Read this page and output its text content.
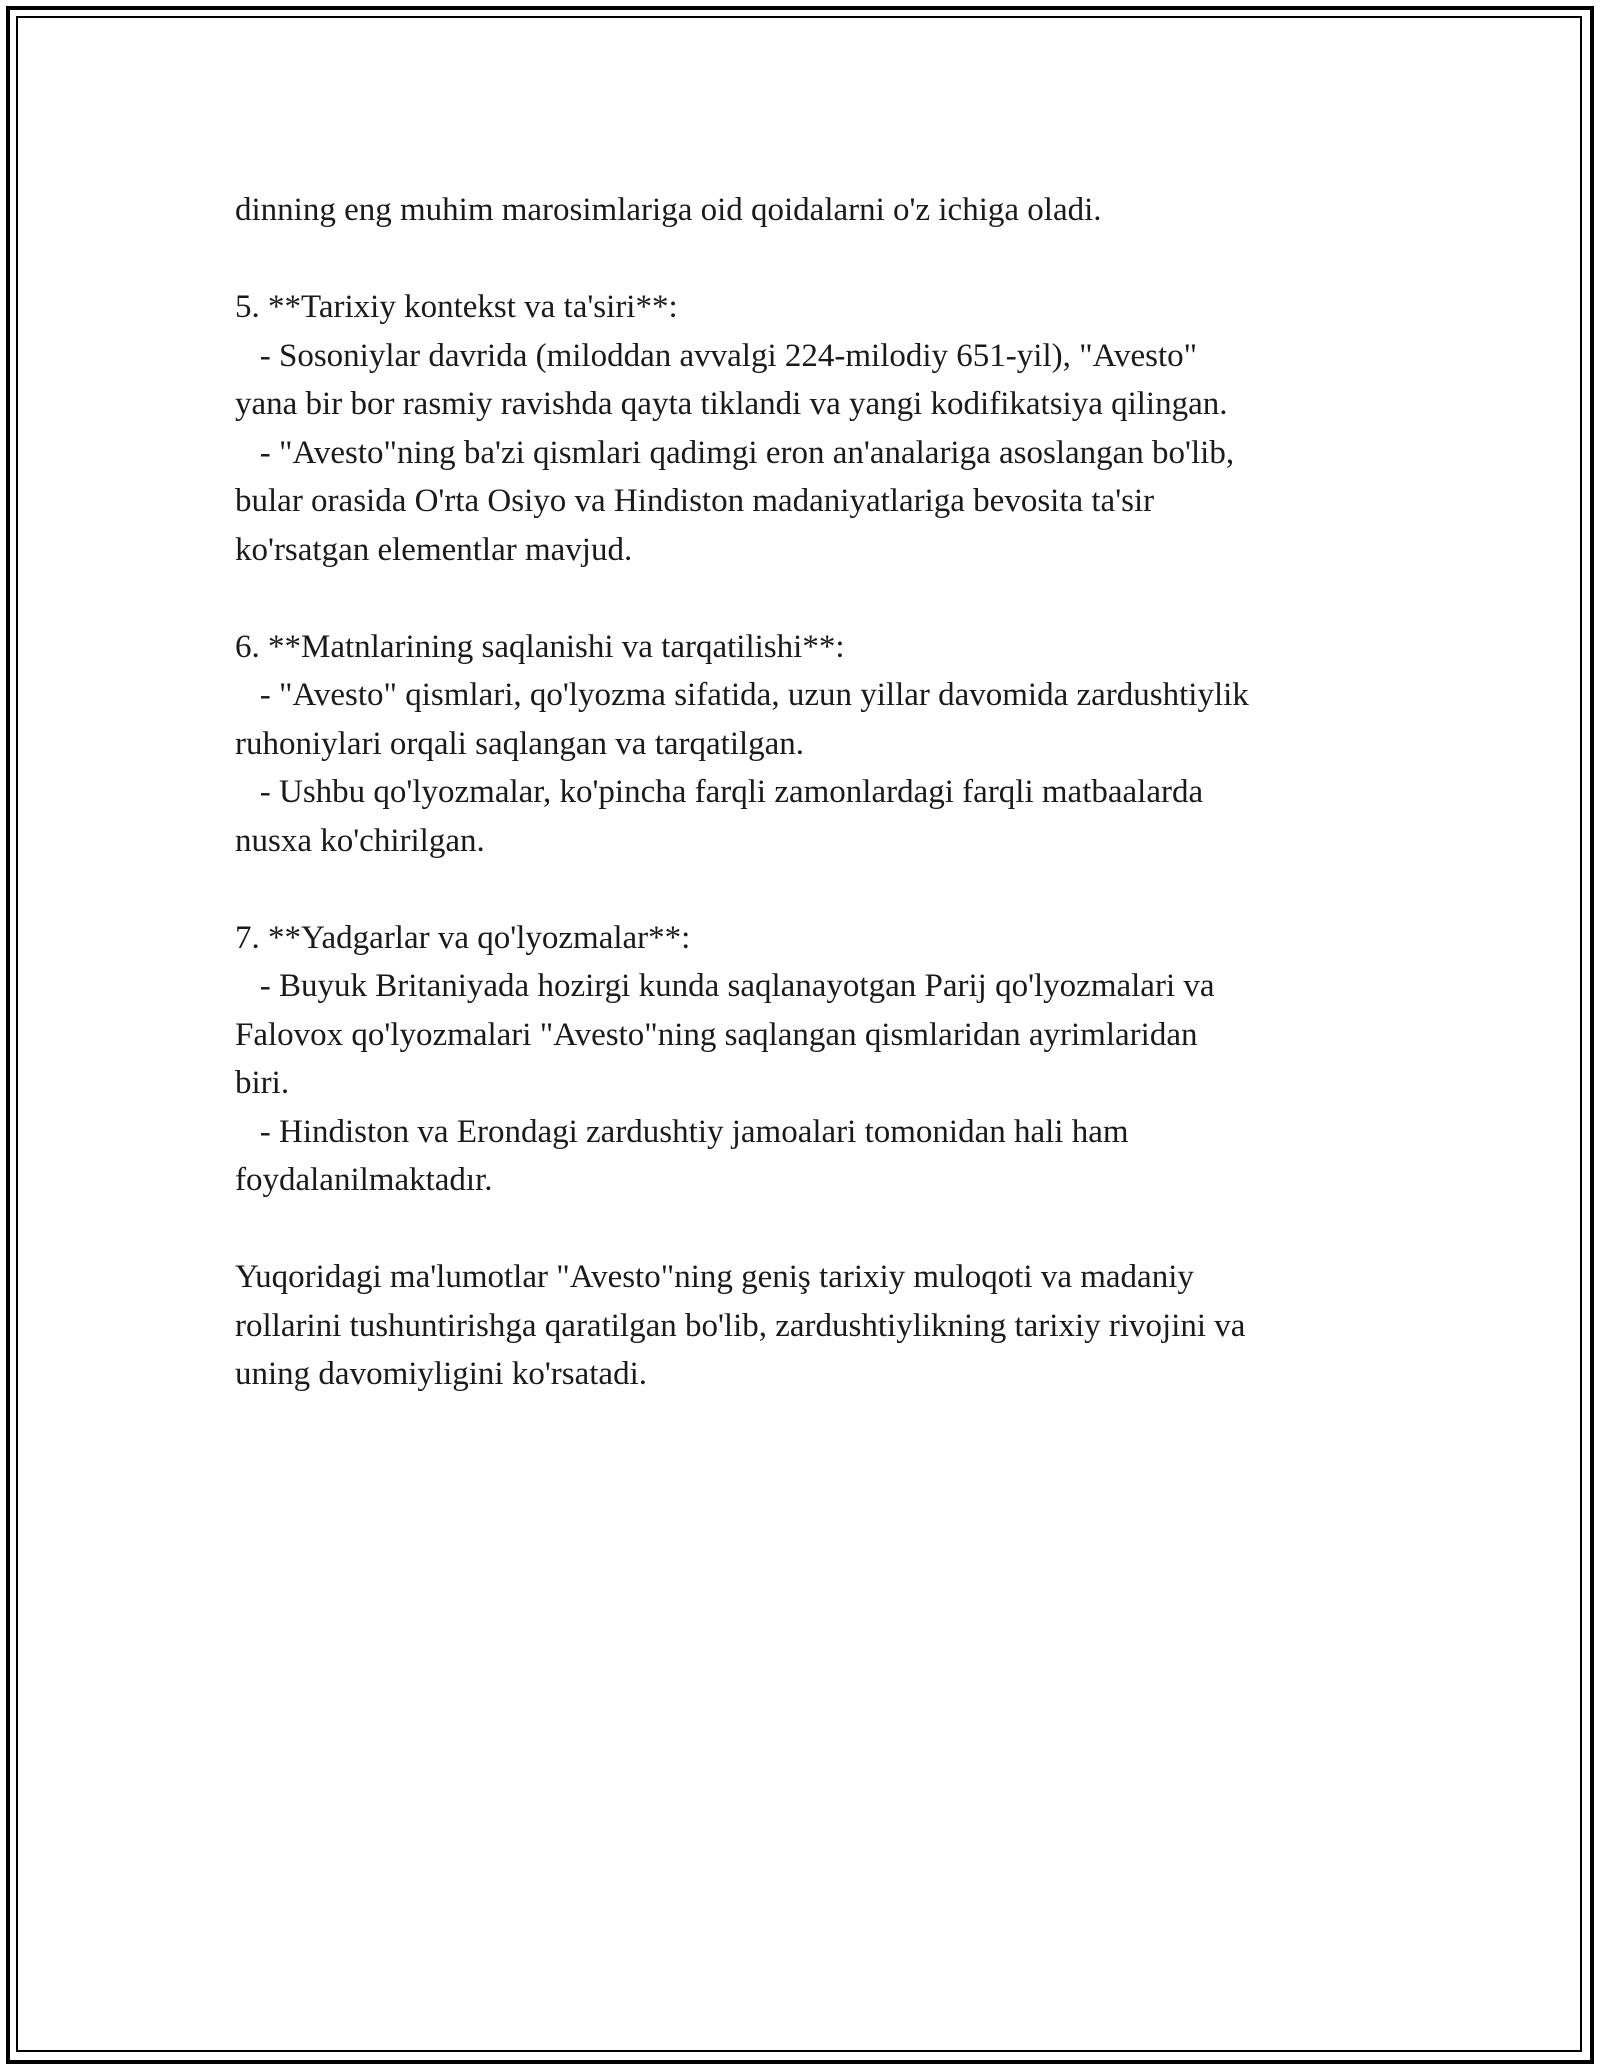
dinning eng muhim marosimlariga oid qoidalarni o'z ichiga oladi.
5. **Tarixiy kontekst va ta'siri**:
- Sosoniylar davrida (miloddan avvalgi 224-milodiy 651-yil), "Avesto"
yana bir bor rasmiy ravishda qayta tiklandi va yangi kodifikatsiya qilingan.
- "Avesto"ning ba'zi qismlari qadimgi eron an'analariga asoslangan bo'lib,
bular orasida O'rta Osiyo va Hindiston madaniyatlariga bevosita ta'sir
ko'rsatgan elementlar mavjud.
6. **Matnlarining saqlanishi va tarqatilishi**:
- "Avesto" qismlari, qo'lyozma sifatida, uzun yillar davomida zardushtiylik
ruhoniylari orqali saqlangan va tarqatilgan.
- Ushbu qo'lyozmalar, ko'pincha farqli zamonlardagi farqli matbaalarda
nusxa ko'chirilgan.
7. **Yadgarlar va qo'lyozmalar**:
- Buyuk Britaniyada hozirgi kunda saqlanayotgan Parij qo'lyozmalari va
Falovox qo'lyozmalari "Avesto"ning saqlangan qismlaridan ayrimlaridan
biri.
- Hindiston va Erondagi zardushtiy jamoalari tomonidan hali ham
foydalanilmaktadır.
Yuqoridagi ma'lumotlar "Avesto"ning geniş tarixiy muloqoti va madaniy
rollarini tushuntirishga qaratilgan bo'lib, zardushtiylikning tarixiy rivojini va
uning davomiyligini ko'rsatadi.
